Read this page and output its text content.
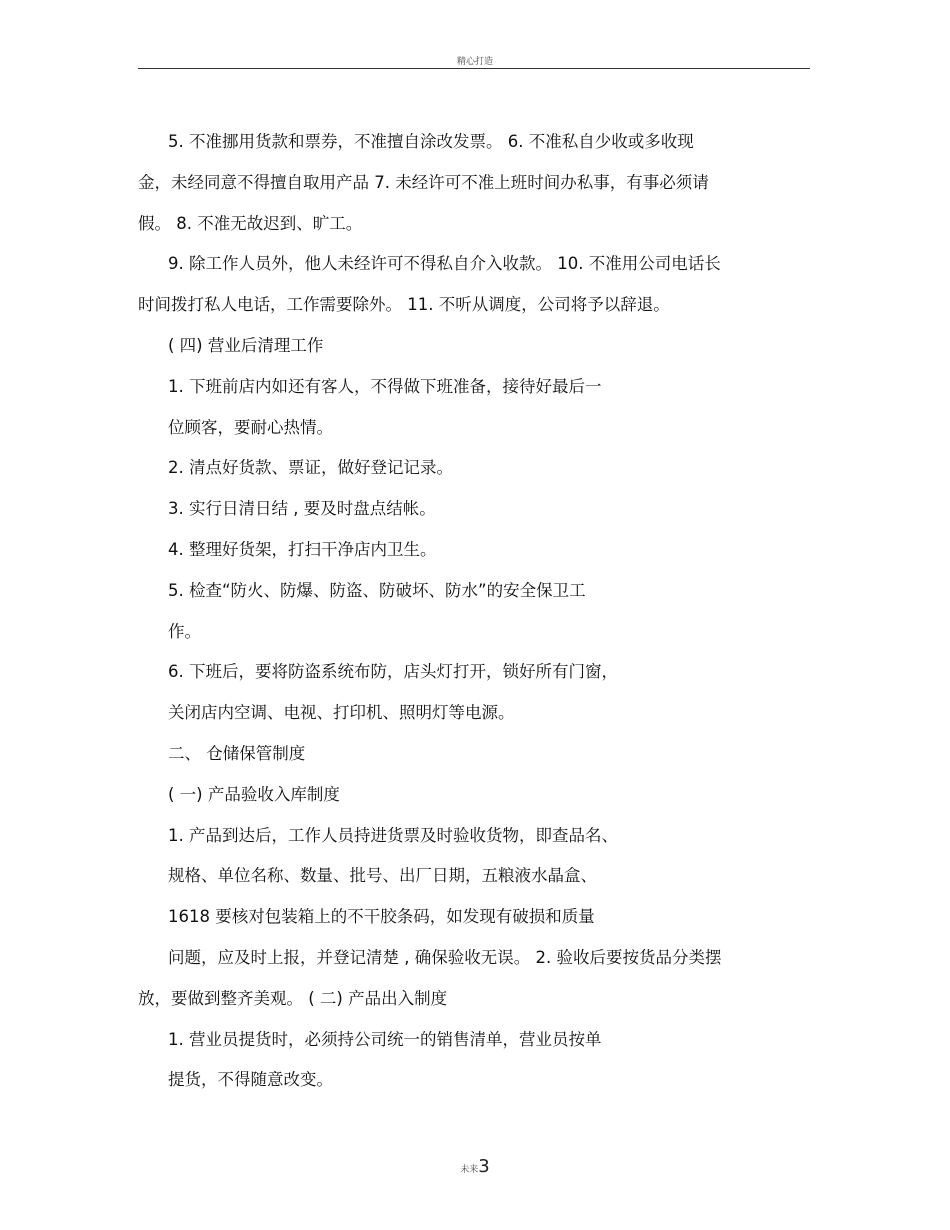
精心打造
5. 不准挪用货款和票券，不准擅自涂改发票。 6. 不准私自少收或多收现
金，未经同意不得擅自取用产品 7. 未经许可不准上班时间办私事，有事必须请
假。 8. 不准无故迟到、旷工。
9. 除工作人员外，他人未经许可不得私自介入收款。 10. 不准用公司电话长
时间拨打私人电话，工作需要除外。 11. 不听从调度，公司将予以辞退。
( 四) 营业后清理工作
1. 下班前店内如还有客人，不得做下班准备，接待好最后一
位顾客，要耐心热情。
2. 清点好货款、票证，做好登记记录。
3. 实行日清日结 , 要及时盘点结帐。
4. 整理好货架，打扫干净店内卫生。
5. 检查“防火、防爆、防盗、防破坏、防水”的安全保卫工
作。
6. 下班后，要将防盗系统布防，店头灯打开，锁好所有门窗，
关闭店内空调、电视、打印机、照明灯等电源。
二、 仓储保管制度
( 一) 产品验收入库制度
1. 产品到达后，工作人员持进货票及时验收货物，即查品名、
规格、单位名称、数量、批号、出厂日期，五粮液水晶盒、
1618 要核对包装箱上的不干胶条码，如发现有破损和质量
问题，应及时上报，并登记清楚 , 确保验收无误。 2. 验收后要按货品分类摆
放，要做到整齐美观。 ( 二) 产品出入制度
1. 营业员提货时，必须持公司统一的销售清单，营业员按单
提货，不得随意改变。
未来3
